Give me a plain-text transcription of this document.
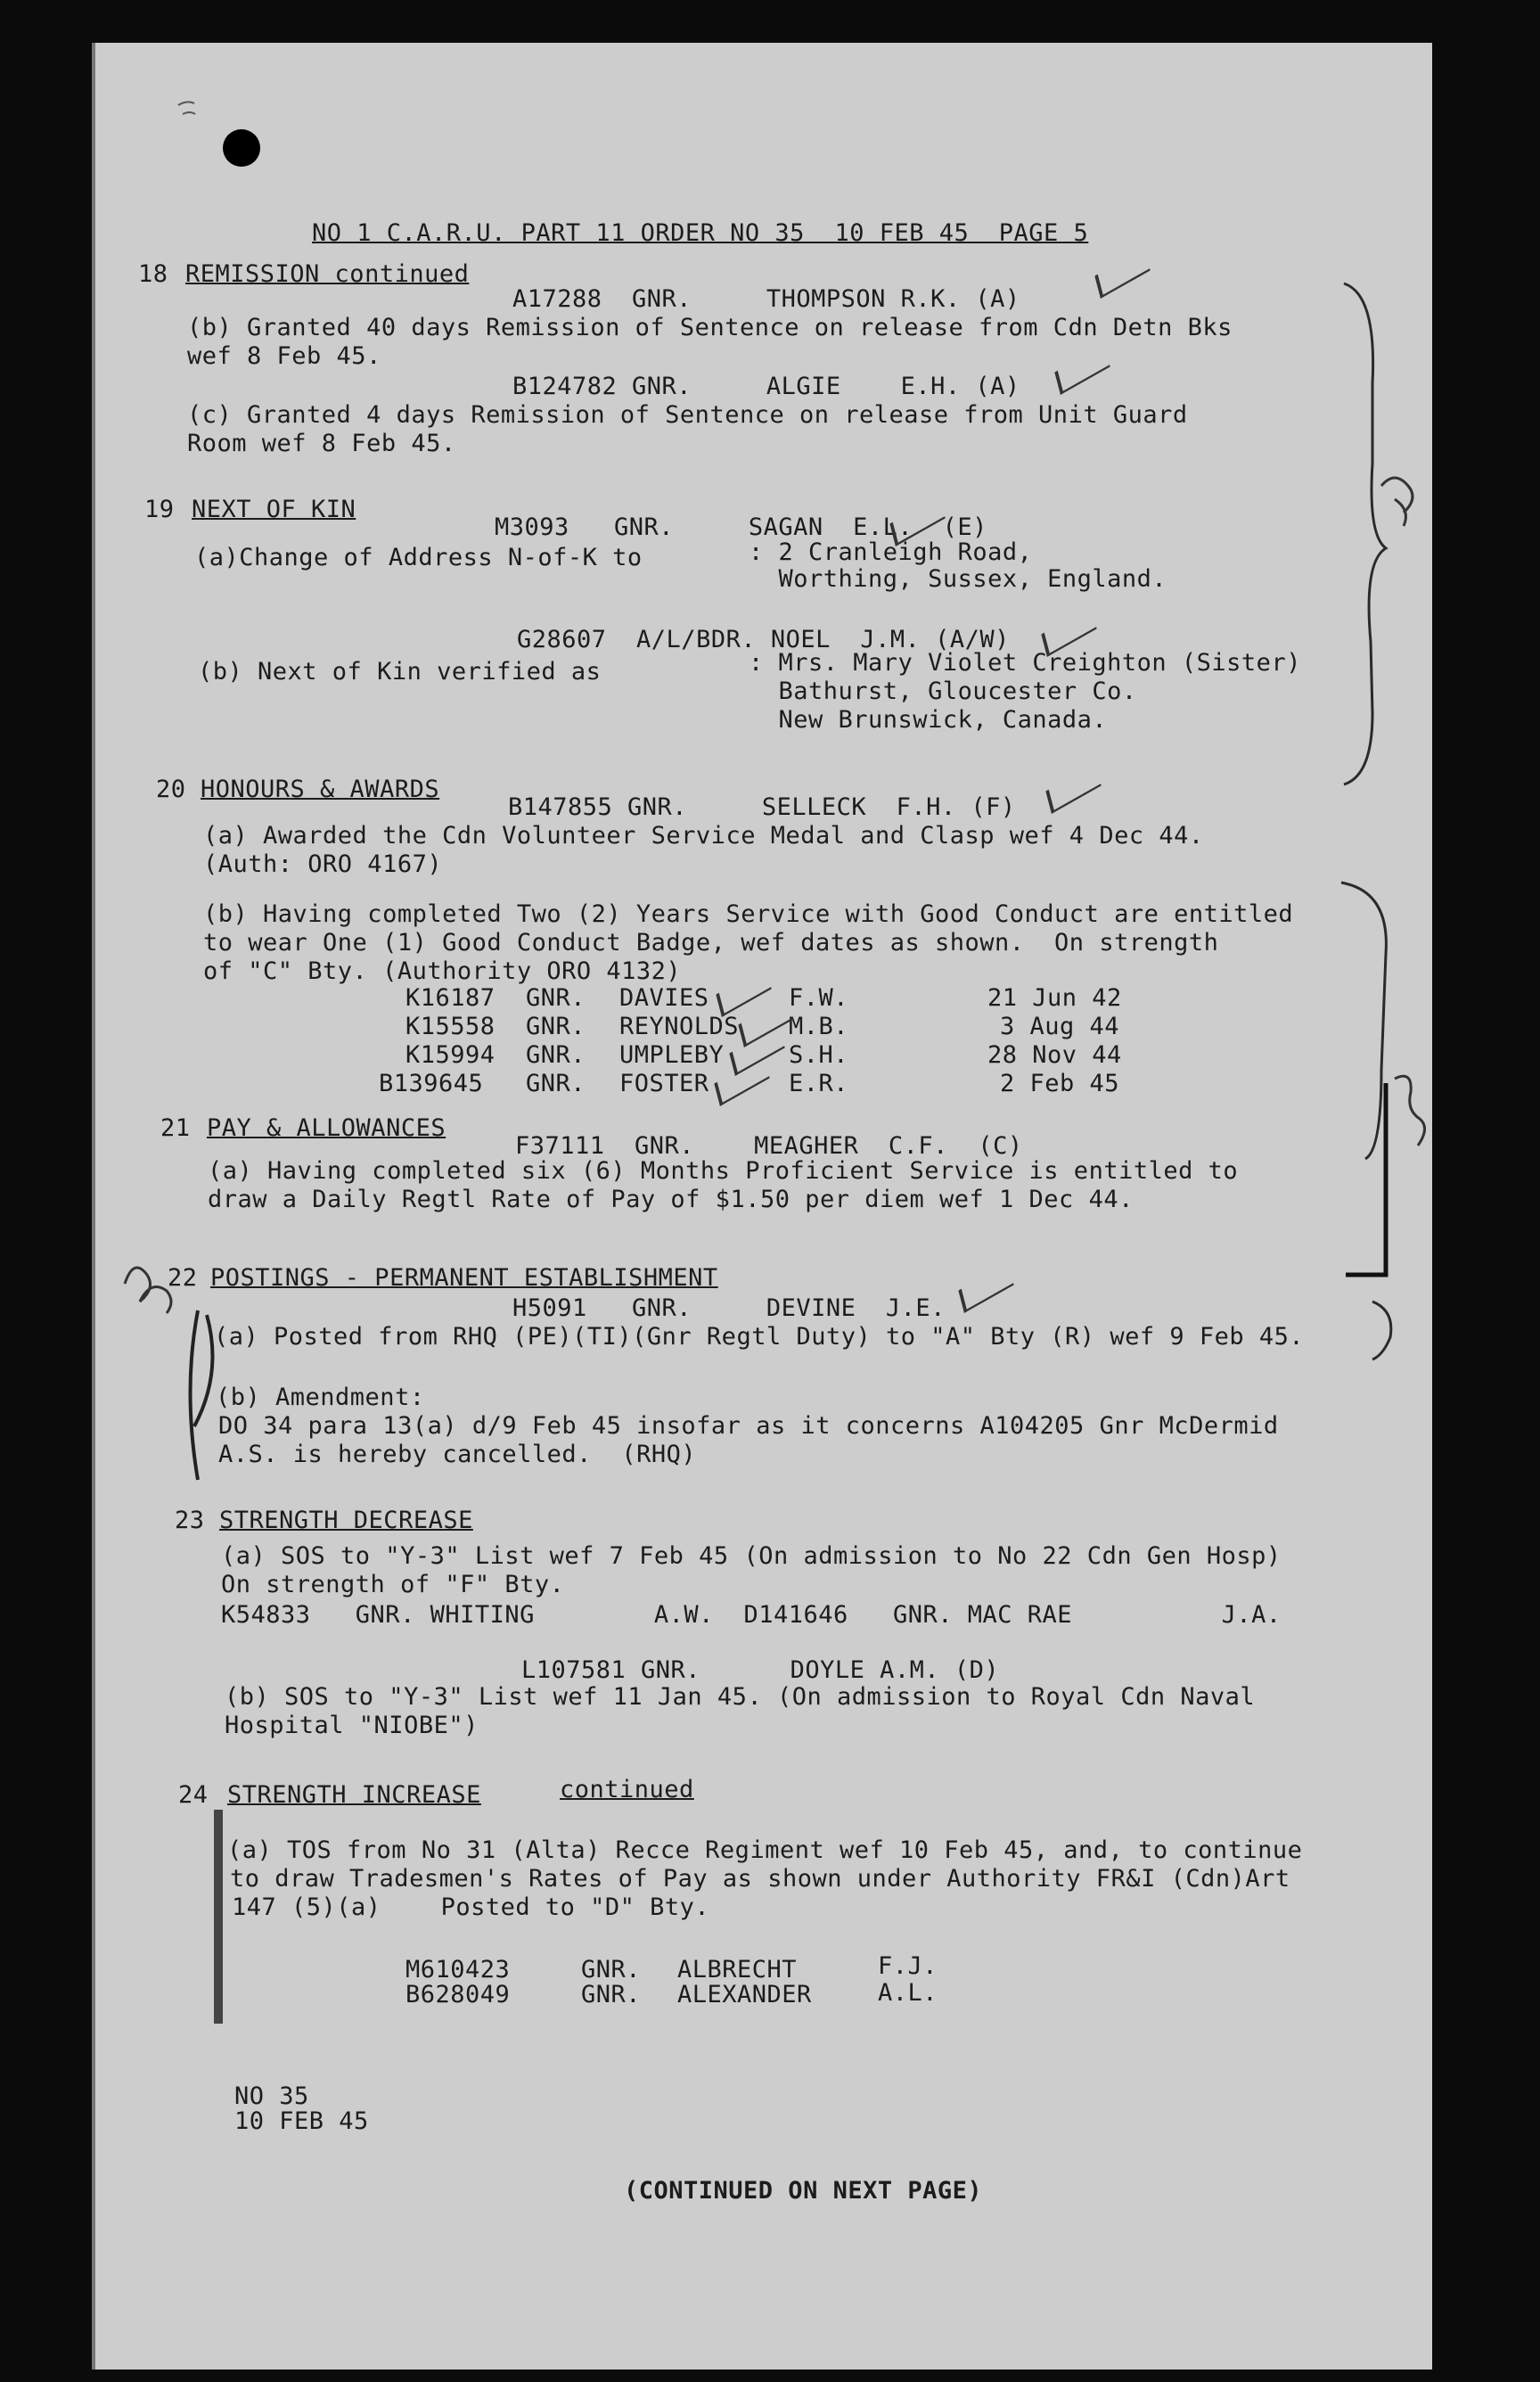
NO 1 C.A.R.U. PART 11 ORDER NO 35  10 FEB 45  PAGE 5
18 REMISSION continued
A17288  GNR.     THOMPSON R.K. (A)
(b) Granted 40 days Remission of Sentence on release from Cdn Detn Bks
wef 8 Feb 45.
B124782 GNR.     ALGIE    E.H. (A)
(c) Granted 4 days Remission of Sentence on release from Unit Guard
Room wef 8 Feb 45.
19 NEXT OF KIN
M3093   GNR.     SAGAN  E.L.  (E)
(a)Change of Address N-of-K to	: 2 Cranleigh Road,
Worthing, Sussex, England.
G28607  A/L/BDR. NOEL  J.M. (A/W)
(b) Next of Kin verified as	: Mrs. Mary Violet Creighton (Sister)
Bathurst, Gloucester Co.
New Brunswick, Canada.
20 HONOURS & AWARDS
B147855 GNR.     SELLECK  F.H. (F)
(a) Awarded the Cdn Volunteer Service Medal and Clasp wef 4 Dec 44.
(Auth: ORO 4167)
(b) Having completed Two (2) Years Service with Good Conduct are entitled
to wear One (1) Good Conduct Badge, wef dates as shown.  On strength
of "C" Bty. (Authority ORO 4132)
K16187 GNR. DAVIES	F.W.	21 Jun 42
K15558 GNR. REYNOLDS M.B.	3 Aug 44
K15994 GNR. UMPLEBY	S.H.	28 Nov 44
B139645 GNR. FOSTER	E.R.	2 Feb 45
21 PAY & ALLOWANCES
F37111  GNR.    MEAGHER  C.F.  (C)
(a) Having completed six (6) Months Proficient Service is entitled to
draw a Daily Regtl Rate of Pay of $1.50 per diem wef 1 Dec 44.
22 POSTINGS - PERMANENT ESTABLISHMENT
H5091   GNR.     DEVINE  J.E.
(a) Posted from RHQ (PE)(TI)(Gnr Regtl Duty) to "A" Bty (R) wef 9 Feb 45.
(b) Amendment:
DO 34 para 13(a) d/9 Feb 45 insofar as it concerns A104205 Gnr McDermid
A.S. is hereby cancelled.  (RHQ)
23 STRENGTH DECREASE
(a) SOS to "Y-3" List wef 7 Feb 45 (On admission to No 22 Cdn Gen Hosp)
On strength of "F" Bty.
K54833   GNR. WHITING        A.W.  D141646   GNR. MAC RAE          J.A.
L107581 GNR.      DOYLE A.M. (D)
(b) SOS to "Y-3" List wef 11 Jan 45. (On admission to Royal Cdn Naval
Hospital "NIOBE")
24 STRENGTH INCREASE	continued
(a) TOS from No 31 (Alta) Recce Regiment wef 10 Feb 45, and, to continue
to draw Tradesmen's Rates of Pay as shown under Authority FR&I (Cdn)Art
147 (5)(a)    Posted to "D" Bty.
M610423	GNR. ALBRECHT	F.J.
B628049	GNR. ALEXANDER	A.L.
NO 35
10 FEB 45
(CONTINUED ON NEXT PAGE)
